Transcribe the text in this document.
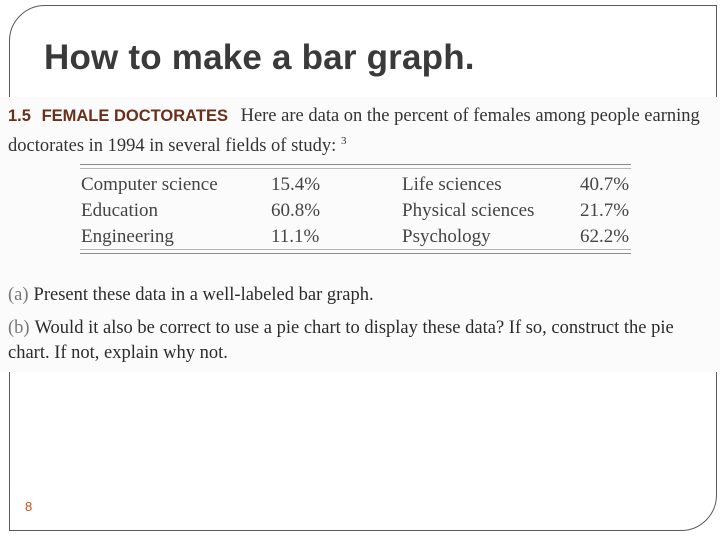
How to make a bar graph.

1.5 FEMALE DOCTORATES Here are data on the percent of females among people earning doctorates in 1994 in several fields of study: $^3$

Computer science	15.4%	Life sciences	40.7%
Education	60.8%	Physical sciences 21.7%
Engineering	11.1%	Psychology	62.2%

(a) Present these data in a well-labeled bar graph.

(b) Would it also be correct to use a pie chart to display these data? If so, construct the pie chart. If not, explain why not.

8
